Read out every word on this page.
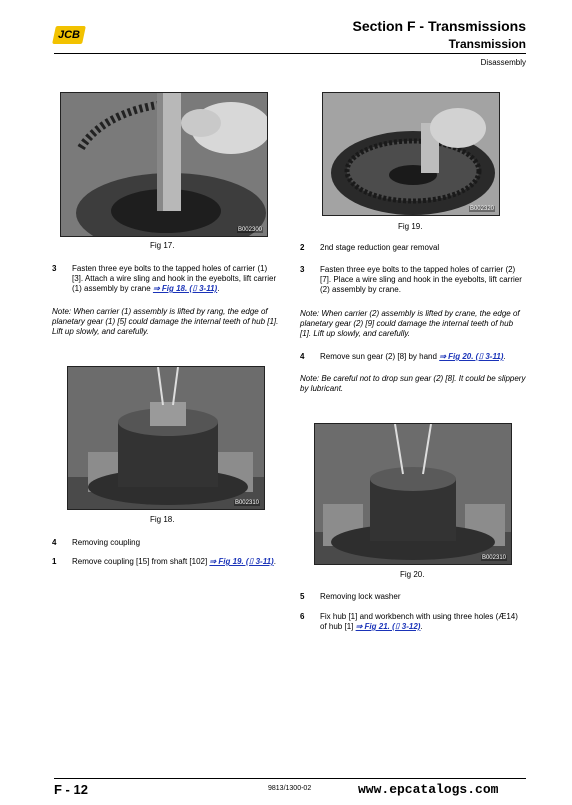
JCB
Section F - Transmissions
Transmission
Disassembly
B002300
Fig 17.
3 Fasten three eye bolts to the tapped holes of carrier (1) [3]. Attach a wire sling and hook in the eyebolts, lift carrier (1) assembly by crane ⇒ Fig 18. (⌷ 3-11).
Note: When carrier (1) assembly is lifted by rang, the edge of planetary gear (1) [5] could damage the internal teeth of hub [1]. Lift up slowly, and carefully.
B002310
Fig 18.
4 Removing coupling
1 Remove coupling [15] from shaft [102] ⇒ Fig 19. (⌷ 3-11).
B002320
Fig 19.
2 2nd stage reduction gear removal
3 Fasten three eye bolts to the tapped holes of carrier (2) [7]. Place a wire sling and hook in the eyebolts, lift carrier (2) assembly by crane.
Note: When carrier (2) assembly is lifted by crane, the edge of planetary gear (2) [9] could damage the internal teeth of hub [1]. Lift up slowly, and carefully.
4 Remove sun gear (2) [8] by hand ⇒ Fig 20. (⌷ 3-11).
Note: Be careful not to drop sun gear (2) [8]. It could be slippery by lubricant.
B002310
Fig 20.
5 Removing lock washer
6 Fix hub [1] and workbench with using three holes (Æ14) of hub [1] ⇒ Fig 21. (⌷ 3-12).
F - 12	9813/1300-02	www.epcatalogs.com
